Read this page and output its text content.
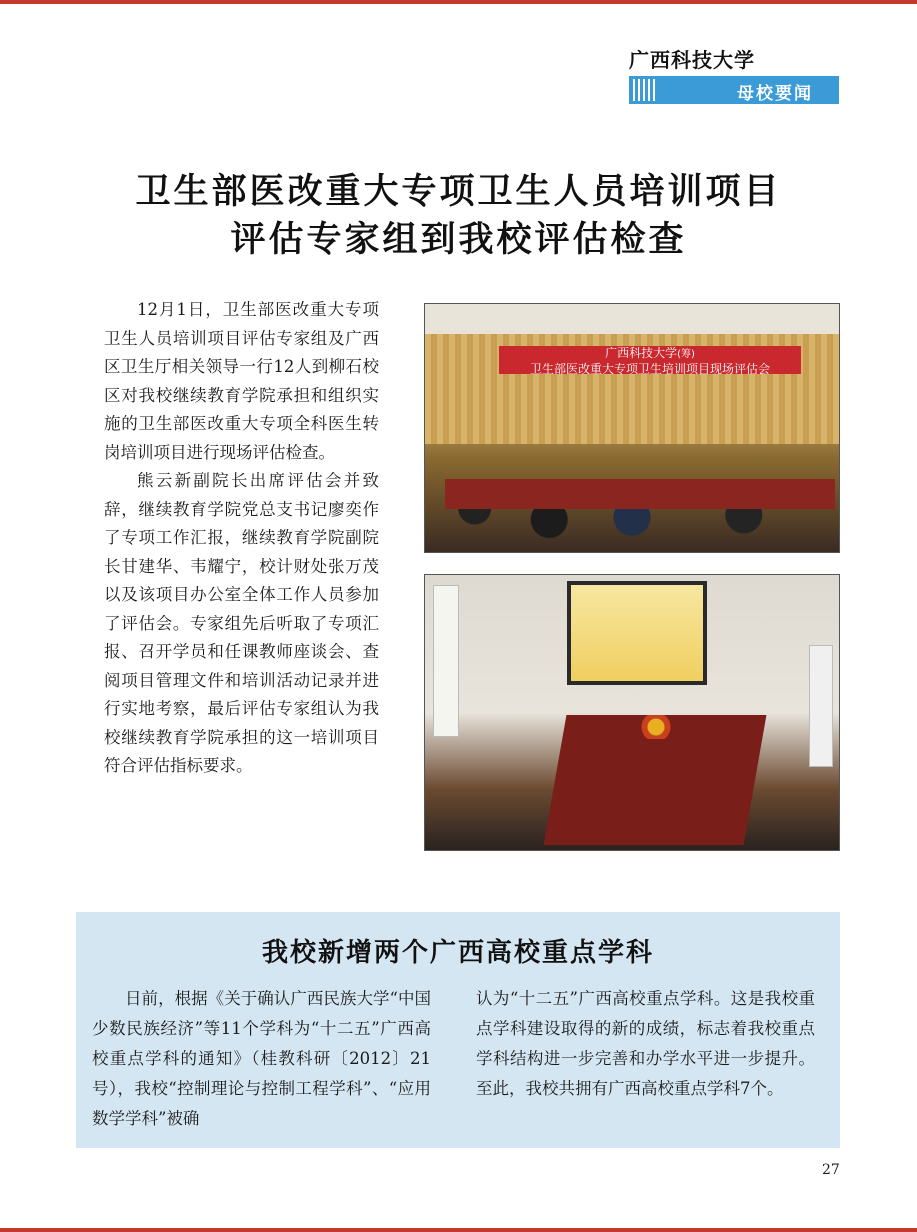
广西科技大学
母校要闻
卫生部医改重大专项卫生人员培训项目
评估专家组到我校评估检查

12月1日，卫生部医改重大专项卫生人员培训项目评估专家组及广西区卫生厅相关领导一行12人到柳石校区对我校继续教育学院承担和组织实施的卫生部医改重大专项全科医生转岗培训项目进行现场评估检查。

熊云新副院长出席评估会并致辞，继续教育学院党总支书记廖奕作了专项工作汇报，继续教育学院副院长甘建华、韦耀宁，校计财处张万茂以及该项目办公室全体工作人员参加了评估会。专家组先后听取了专项汇报、召开学员和任课教师座谈会、查阅项目管理文件和培训活动记录并进行实地考察，最后评估专家组认为我校继续教育学院承担的这一培训项目符合评估指标要求。

广西科技大学(筹)
卫生部医改重大专项卫生培训项目现场评估会
我校新增两个广西高校重点学科

日前，根据《关于确认广西民族大学“中国少数民族经济”等11个学科为“十二五”广西高校重点学科的通知》（桂教科研〔2012〕21号），我校“控制理论与控制工程学科”、“应用数学学科”被确

认为“十二五”广西高校重点学科。这是我校重点学科建设取得的新的成绩，标志着我校重点学科结构进一步完善和办学水平进一步提升。至此，我校共拥有广西高校重点学科7个。

27
